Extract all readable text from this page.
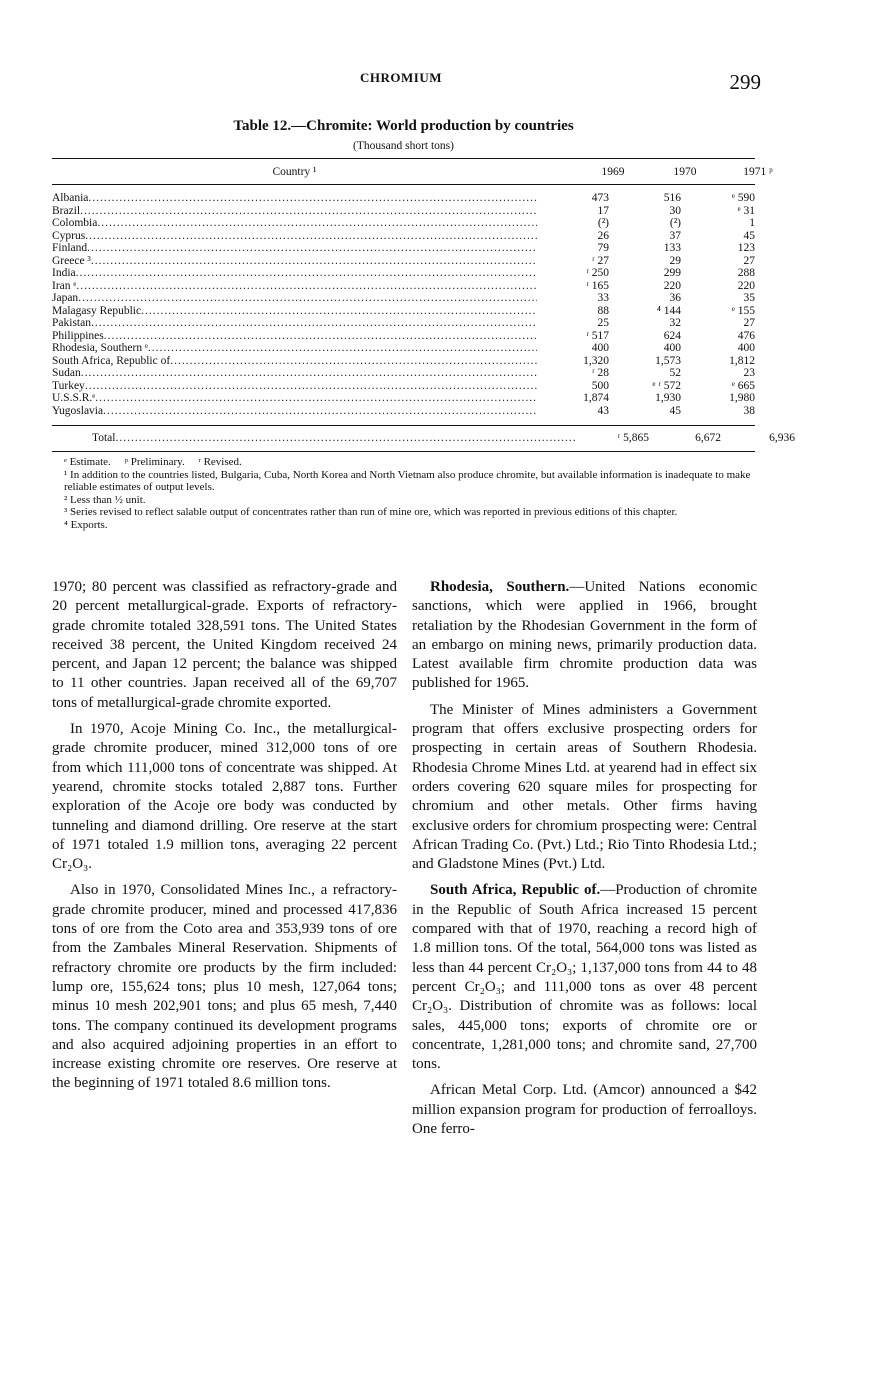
CHROMIUM	299
Table 12.—Chromite: World production by countries
(Thousand short tons)
Country ¹	1969	1970	1971 ᵖ
Albania .....	473	516	ᵉ 590
Brazil .....	17	30	ᵉ 31
Colombia .....	(²)	(²)	1
Cyprus .....	26	37	45
Finland .....	79	133	123
Greece ³ .....	ʳ 27	29	27
India .....	ʳ 250	299	288
Iran ᵉ .....	ʳ 165	220	220
Japan .....	33	36	35
Malagasy Republic .....	88	⁴ 144	ᵉ 155
Pakistan .....	25	32	27
Philippines .....	ʳ 517	624	476
Rhodesia, Southern ᵉ .....	400	400	400
South Africa, Republic of .....	1,320	1,573	1,812
Sudan .....	ʳ 28	52	23
Turkey .....	500	ᵉ ʳ 572	ᵉ 665
U.S.S.R.ᵉ .....	1,874	1,930	1,980
Yugoslavia .....	43	45	38
Total .....	ʳ 5,865	6,672	6,936

ᵉ Estimate.     ᵖ Preliminary.     ʳ Revised.

¹ In addition to the countries listed, Bulgaria, Cuba, North Korea and North Vietnam also produce chromite, but available information is inadequate to make reliable estimates of output levels.

² Less than ½ unit.

³ Series revised to reflect salable output of concentrates rather than run of mine ore, which was reported in previous editions of this chapter.

⁴ Exports.

1970; 80 percent was classified as refractory-grade and 20 percent metallurgical-grade. Exports of refractory-grade chromite totaled 328,591 tons. The United States received 38 percent, the United Kingdom received 24 percent, and Japan 12 percent; the balance was shipped to 11 other countries. Japan received all of the 69,707 tons of metallurgical-grade chromite exported.

In 1970, Acoje Mining Co. Inc., the metallurgical-grade chromite producer, mined 312,000 tons of ore from which 111,000 tons of concentrate was shipped. At yearend, chromite stocks totaled 2,887 tons. Further exploration of the Acoje ore body was conducted by tunneling and diamond drilling. Ore reserve at the start of 1971 totaled 1.9 million tons, averaging 22 percent Cr₂O₃.

Also in 1970, Consolidated Mines Inc., a refractory-grade chromite producer, mined and processed 417,836 tons of ore from the Coto area and 353,939 tons of ore from the Zambales Mineral Reservation. Shipments of refractory chromite ore products by the firm included: lump ore, 155,624 tons; plus 10 mesh, 127,064 tons; minus 10 mesh 202,901 tons; and plus 65 mesh, 7,440 tons. The company continued its development programs and also acquired adjoining properties in an effort to increase existing chromite ore reserves. Ore reserve at the beginning of 1971 totaled 8.6 million tons.

Rhodesia, Southern.—United Nations economic sanctions, which were applied in 1966, brought retaliation by the Rhodesian Government in the form of an embargo on mining news, primarily production data. Latest available firm chromite production data was published for 1965.

The Minister of Mines administers a Government program that offers exclusive prospecting orders for prospecting in certain areas of Southern Rhodesia. Rhodesia Chrome Mines Ltd. at yearend had in effect six orders covering 620 square miles for prospecting for chromium and other metals. Other firms having exclusive orders for chromium prospecting were: Central African Trading Co. (Pvt.) Ltd.; Rio Tinto Rhodesia Ltd.; and Gladstone Mines (Pvt.) Ltd.

South Africa, Republic of.—Production of chromite in the Republic of South Africa increased 15 percent compared with that of 1970, reaching a record high of 1.8 million tons. Of the total, 564,000 tons was listed as less than 44 percent Cr₂O₃; 1,137,000 tons from 44 to 48 percent Cr₂O₃; and 111,000 tons as over 48 percent Cr₂O₃. Distribution of chromite was as follows: local sales, 445,000 tons; exports of chromite ore or concentrate, 1,281,000 tons; and chromite sand, 27,700 tons.

African Metal Corp. Ltd. (Amcor) announced a $42 million expansion program for production of ferroalloys. One ferro-
